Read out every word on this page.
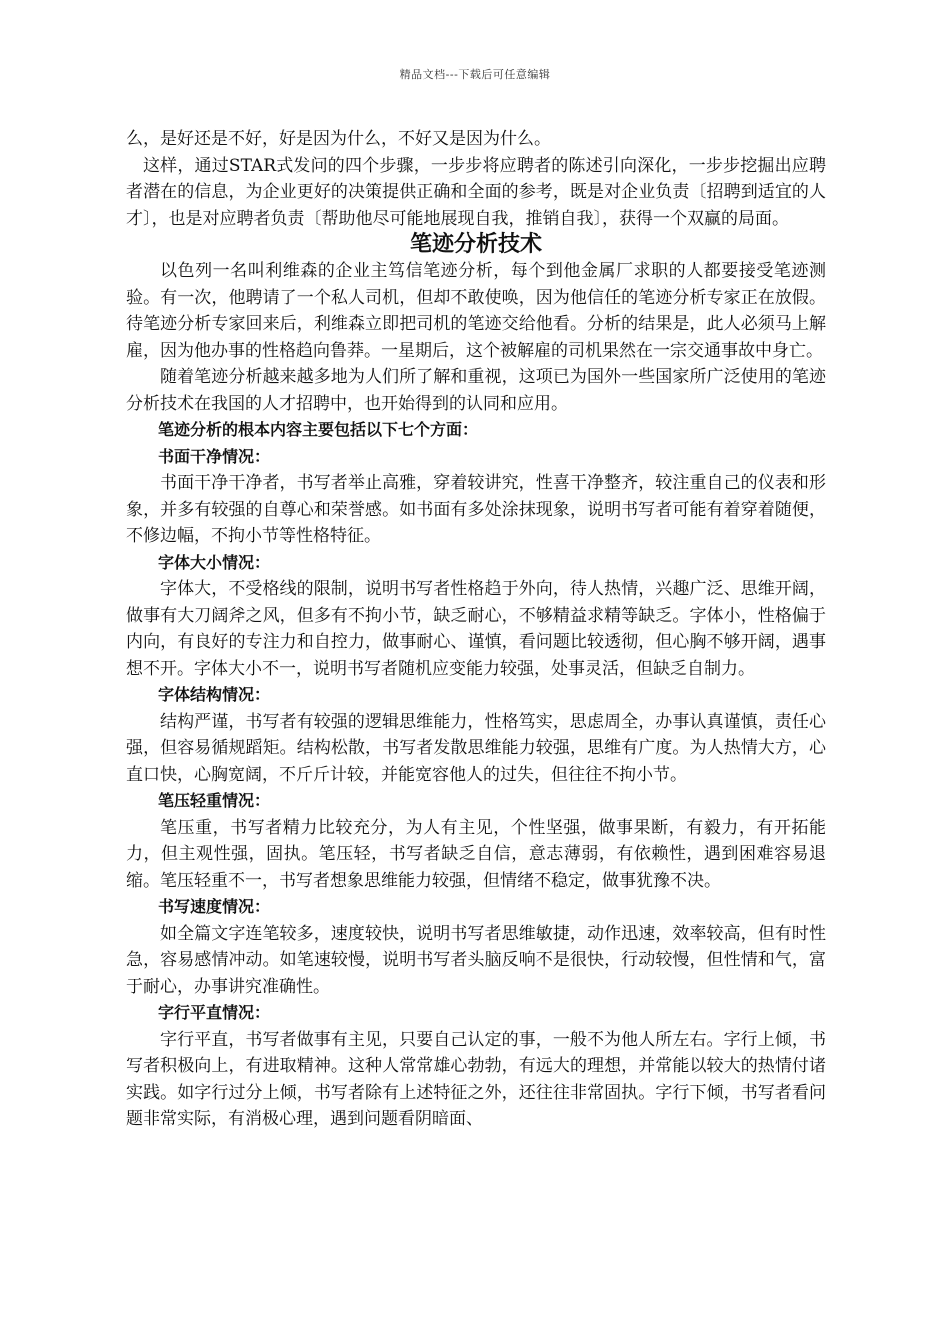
精品文档---下载后可任意编辑

么，是好还是不好，好是因为什么，不好又是因为什么。

这样，通过STAR式发问的四个步骤，一步步将应聘者的陈述引向深化，一步步挖掘出应聘者潜在的信息，为企业更好的决策提供正确和全面的参考，既是对企业负责〔招聘到适宜的人才〕，也是对应聘者负责〔帮助他尽可能地展现自我，推销自我〕，获得一个双赢的局面。

笔迹分析技术

以色列一名叫利维森的企业主笃信笔迹分析，每个到他金属厂求职的人都要接受笔迹测验。有一次，他聘请了一个私人司机，但却不敢使唤，因为他信任的笔迹分析专家正在放假。待笔迹分析专家回来后，利维森立即把司机的笔迹交给他看。分析的结果是，此人必须马上解雇，因为他办事的性格趋向鲁莽。一星期后，这个被解雇的司机果然在一宗交通事故中身亡。

随着笔迹分析越来越多地为人们所了解和重视，这项已为国外一些国家所广泛使用的笔迹分析技术在我国的人才招聘中，也开始得到的认同和应用。

笔迹分析的根本内容主要包括以下七个方面：

书面干净情况：

书面干净干净者，书写者举止高雅，穿着较讲究，性喜干净整齐，较注重自己的仪表和形象，并多有较强的自尊心和荣誉感。如书面有多处涂抹现象，说明书写者可能有着穿着随便，不修边幅，不拘小节等性格特征。

字体大小情况：

字体大，不受格线的限制，说明书写者性格趋于外向，待人热情，兴趣广泛、思维开阔，做事有大刀阔斧之风，但多有不拘小节，缺乏耐心，不够精益求精等缺乏。字体小，性格偏于内向，有良好的专注力和自控力，做事耐心、谨慎，看问题比较透彻，但心胸不够开阔，遇事想不开。字体大小不一，说明书写者随机应变能力较强，处事灵活，但缺乏自制力。

字体结构情况：

结构严谨，书写者有较强的逻辑思维能力，性格笃实，思虑周全，办事认真谨慎，责任心强，但容易循规蹈矩。结构松散，书写者发散思维能力较强，思维有广度。为人热情大方，心直口快，心胸宽阔，不斤斤计较，并能宽容他人的过失，但往往不拘小节。

笔压轻重情况：

笔压重，书写者精力比较充分，为人有主见，个性坚强，做事果断，有毅力，有开拓能力，但主观性强，固执。笔压轻，书写者缺乏自信，意志薄弱，有依赖性，遇到困难容易退缩。笔压轻重不一，书写者想象思维能力较强，但情绪不稳定，做事犹豫不决。

书写速度情况：

如全篇文字连笔较多，速度较快，说明书写者思维敏捷，动作迅速，效率较高，但有时性急，容易感情冲动。如笔速较慢，说明书写者头脑反响不是很快，行动较慢，但性情和气，富于耐心，办事讲究准确性。

字行平直情况：

字行平直，书写者做事有主见，只要自己认定的事，一般不为他人所左右。字行上倾，书写者积极向上，有进取精神。这种人常常雄心勃勃，有远大的理想，并常能以较大的热情付诸实践。如字行过分上倾，书写者除有上述特征之外，还往往非常固执。字行下倾，书写者看问题非常实际，有消极心理，遇到问题看阴暗面、
